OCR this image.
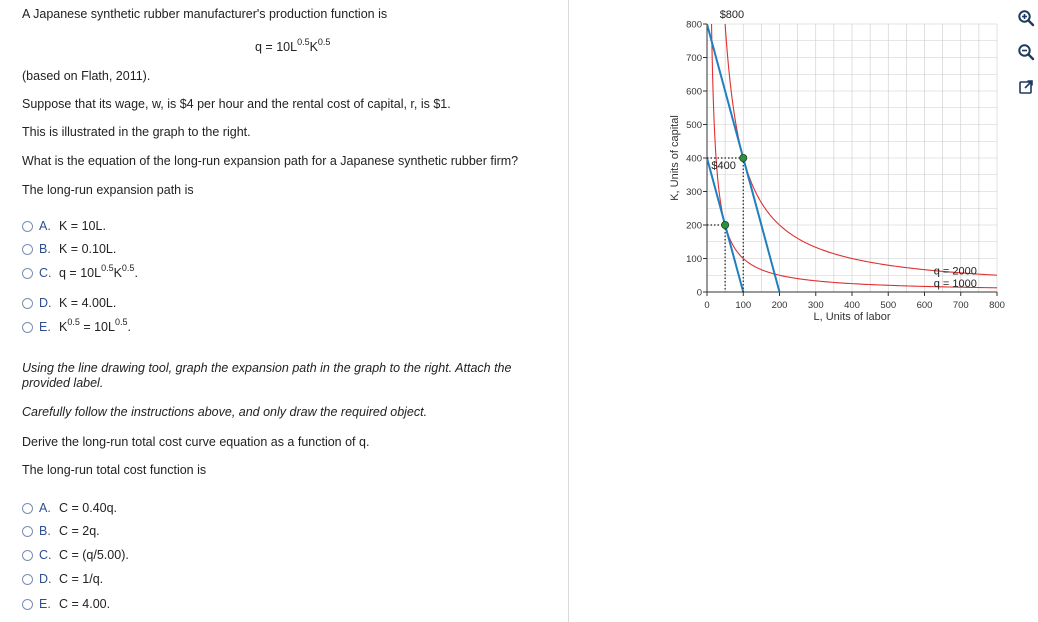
A Japanese synthetic rubber manufacturer's production function is
$q = 10L^{0.5}K^{0.5}$
(based on Flath, 2011).
Suppose that its wage, w, is $4 per hour and the rental cost of capital, r, is $1.
This is illustrated in the graph to the right.
What is the equation of the long-run expansion path for a Japanese synthetic rubber firm?
The long-run expansion path is
A. K = 10L.
B. K = 0.10L.
C. $q = 10L^{0.5}K^{0.5}$.
D. K = 4.00L.
E. $K^{0.5} = 10L^{0.5}$.
Using the line drawing tool, graph the expansion path in the graph to the right. Attach the provided label.
Carefully follow the instructions above, and only draw the required object.
Derive the long-run total cost curve equation as a function of q.
The long-run total cost function is
A. C = 0.40q.
B. C = 2q.
C. C = (q/5.00).
D. C = 1/q.
E. C = 4.00.
0	100 200 300 400 500 600 700 800
0
100
200
300
400
500
600
700
800
L, Units of labor
K, Units of capital
$800
$400
q = 2000
q = 1000
